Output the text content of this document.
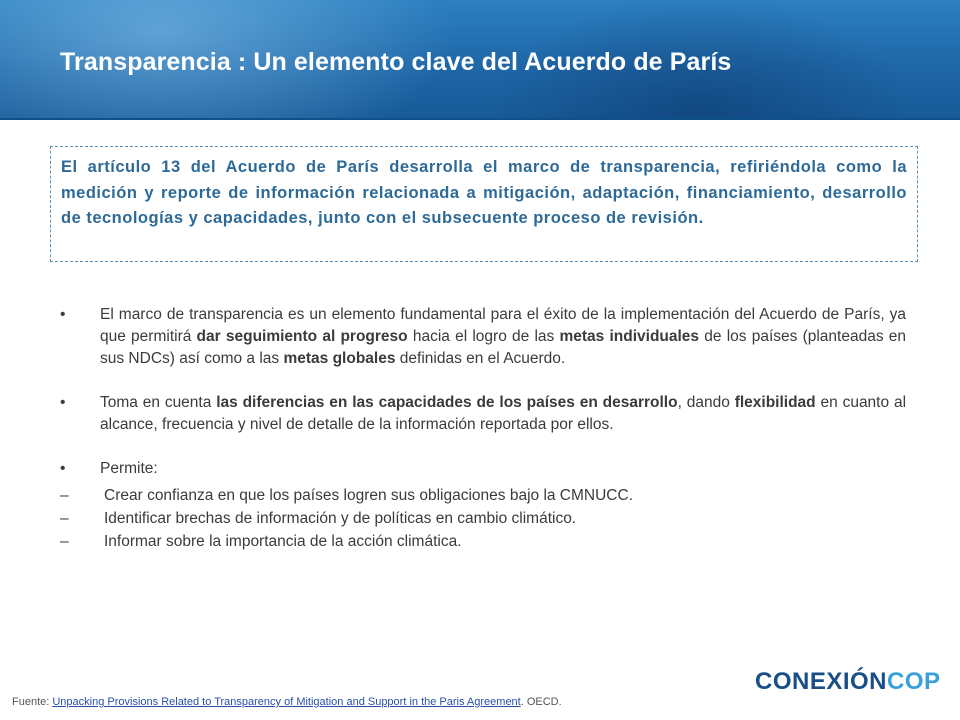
Transparencia : Un elemento clave del Acuerdo de París

El artículo 13 del Acuerdo de París desarrolla el marco de transparencia, refiriéndola como la medición y reporte de información relacionada a mitigación, adaptación, financiamiento, desarrollo de tecnologías y capacidades, junto con el subsecuente proceso de revisión.

•	El marco de transparencia es un elemento fundamental para el éxito de la implementación del Acuerdo de París, ya que permitirá dar seguimiento al progreso hacia el logro de las metas individuales de los países (planteadas en sus NDCs) así como a las metas globales definidas en el Acuerdo.
•	Toma en cuenta las diferencias en las capacidades de los países en desarrollo, dando flexibilidad en cuanto al alcance, frecuencia y nivel de detalle de la información reportada por ellos.
•	Permite:
– Crear confianza en que los países logren sus obligaciones bajo la CMNUCC.
– Identificar brechas de información y de políticas en cambio climático.
– Informar sobre la importancia de la acción climática.
Fuente: Unpacking Provisions Related to Transparency of Mitigation and Support in the Paris Agreement. OECD.
CONEXIÓNCOP
